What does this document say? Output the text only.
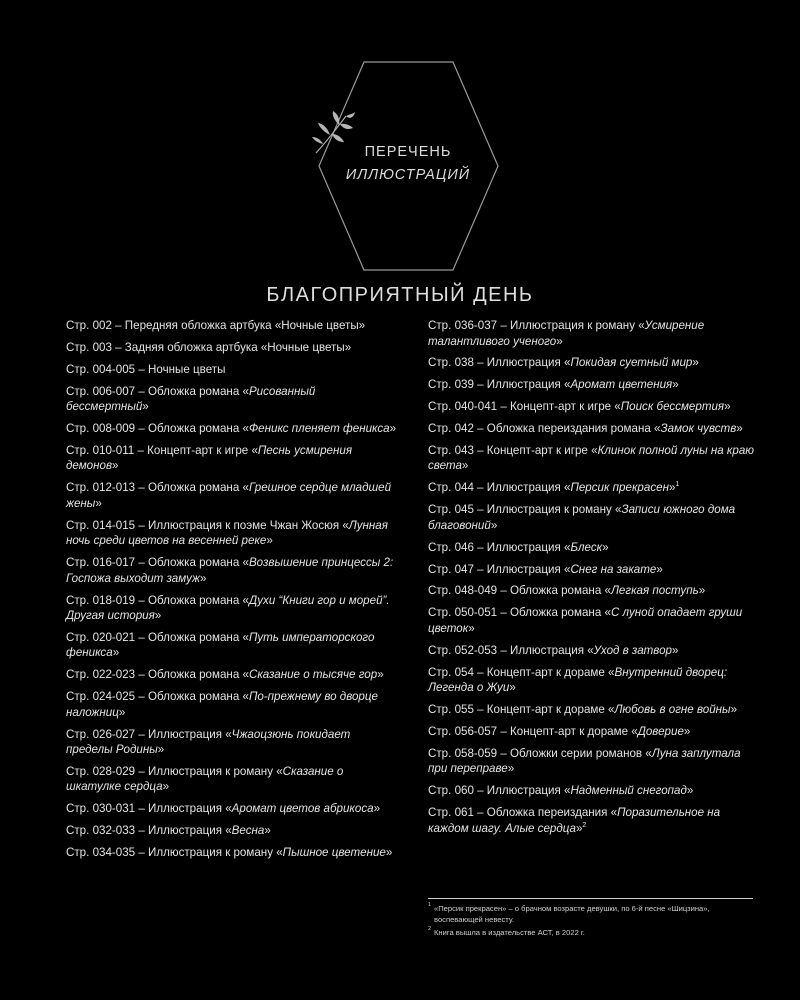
ПЕРЕЧЕНЬ
ИЛЛЮСТРАЦИЙ
БЛАГОПРИЯТНЫЙ ДЕНЬ
Стр. 002 – Передняя обложка артбука «Ночные цветы»
Стр. 003 – Задняя обложка артбука «Ночные цветы»
Стр. 004-005 – Ночные цветы
Стр. 006-007 – Обложка романа «Рисованный бессмертный»
Стр. 008-009 – Обложка романа «Феникс пленяет феникса»
Стр. 010-011 – Концепт-арт к игре «Песнь усмирения демонов»
Стр. 012-013 – Обложка романа «Грешное сердце младшей жены»
Стр. 014-015 – Иллюстрация к поэме Чжан Жосюя «Лунная ночь среди цветов на весенней реке»
Стр. 016-017 – Обложка романа «Возвышение принцессы 2: Госпожа выходит замуж»
Стр. 018-019 – Обложка романа «Духи “Книги гор и морей”. Другая история»
Стр. 020-021 – Обложка романа «Путь императорского феникса»
Стр. 022-023 – Обложка романа «Сказание о тысяче гор»
Стр. 024-025 – Обложка романа «По-прежнему во дворце наложниц»
Стр. 026-027 – Иллюстрация «Чжаоцзюнь покидает пределы Родины»
Стр. 028-029 – Иллюстрация к роману «Сказание о шкатулке сердца»
Стр. 030-031 – Иллюстрация «Аромат цветов абрикоса»
Стр. 032-033 – Иллюстрация «Весна»
Стр. 034-035 – Иллюстрация к роману «Пышное цветение»
Стр. 036-037 – Иллюстрация к роману «Усмирение талантливого ученого»
Стр. 038 – Иллюстрация «Покидая суетный мир»
Стр. 039 – Иллюстрация «Аромат цветения»
Стр. 040-041 – Концепт-арт к игре «Поиск бессмертия»
Стр. 042 – Обложка переиздания романа «Замок чувств»
Стр. 043 – Концепт-арт к игре «Клинок полной луны на краю света»
Стр. 044 – Иллюстрация «Персик прекрасен»$^1$
Стр. 045 – Иллюстрация к роману «Записи южного дома благовоний»
Стр. 046 – Иллюстрация «Блеск»
Стр. 047 – Иллюстрация «Снег на закате»
Стр. 048-049 – Обложка романа «Легкая поступь»
Стр. 050-051 – Обложка романа «С луной опадает груши цветок»
Стр. 052-053 – Иллюстрация «Уход в затвор»
Стр. 054 – Концепт-арт к дораме «Внутренний дворец: Легенда о Жуи»
Стр. 055 – Концепт-арт к дораме «Любовь в огне войны»
Стр. 056-057 – Концепт-арт к дораме «Доверие»
Стр. 058-059 – Обложки серии романов «Луна заплутала при переправе»
Стр. 060 – Иллюстрация «Надменный снегопад»
Стр. 061 – Обложка переиздания «Поразительное на каждом шагу. Алые сердца»$^2$
1 «Персик прекрасен» – о брачном возрасте девушки, по 6-й песне «Шицзина», воспевающей невесту.
2 Книга вышла в издательстве АСТ, в 2022 г.
